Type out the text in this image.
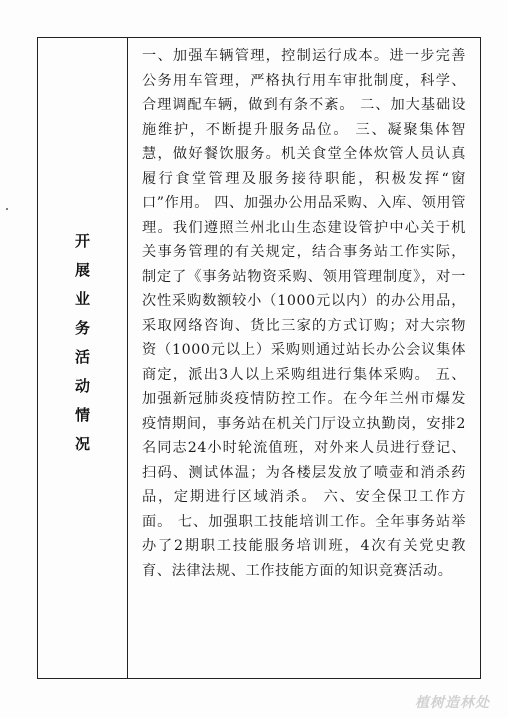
开展业务活动情况

一、加强车辆管理，控制运行成本。进一步完善公务用车管理，严格执行用车审批制度，科学、合理调配车辆，做到有条不紊。 二、加大基础设施维护，不断提升服务品位。 三、凝聚集体智慧，做好餐饮服务。机关食堂全体炊管人员认真履行食堂管理及服务接待职能，积极发挥“窗口”作用。 四、加强办公用品采购、入库、领用管理。我们遵照兰州北山生态建设管护中心关于机关事务管理的有关规定，结合事务站工作实际，制定了《事务站物资采购、领用管理制度》，对一次性采购数额较小（1000元以内）的办公用品，采取网络咨询、货比三家的方式订购；对大宗物资（1000元以上）采购则通过站长办公会议集体商定，派出3人以上采购组进行集体采购。 五、加强新冠肺炎疫情防控工作。在今年兰州市爆发疫情期间，事务站在机关门厅设立执勤岗，安排2名同志24小时轮流值班，对外来人员进行登记、扫码、测试体温；为各楼层发放了喷壶和消杀药品，定期进行区域消杀。 六、安全保卫工作方面。 七、加强职工技能培训工作。全年事务站举办了2期职工技能服务培训班，4次有关党史教育、法律法规、工作技能方面的知识竞赛活动。

植树造林处
